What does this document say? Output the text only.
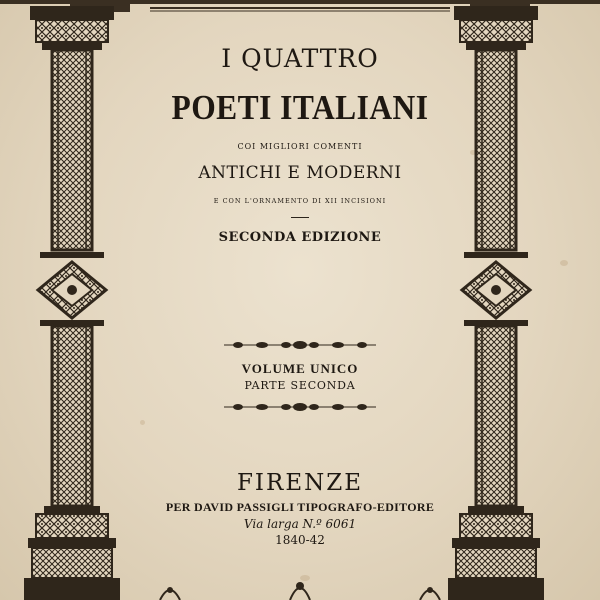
I QUATTRO
POETI ITALIANI
COI MIGLIORI COMENTI
ANTICHI E MODERNI
E CON L'ORNAMENTO DI XII INCISIONI
SECONDA EDIZIONE
VOLUME UNICO
PARTE SECONDA
FIRENZE
PER DAVID PASSIGLI TIPOGRAFO-EDITORE
Via larga N.º 6061
1840-42
